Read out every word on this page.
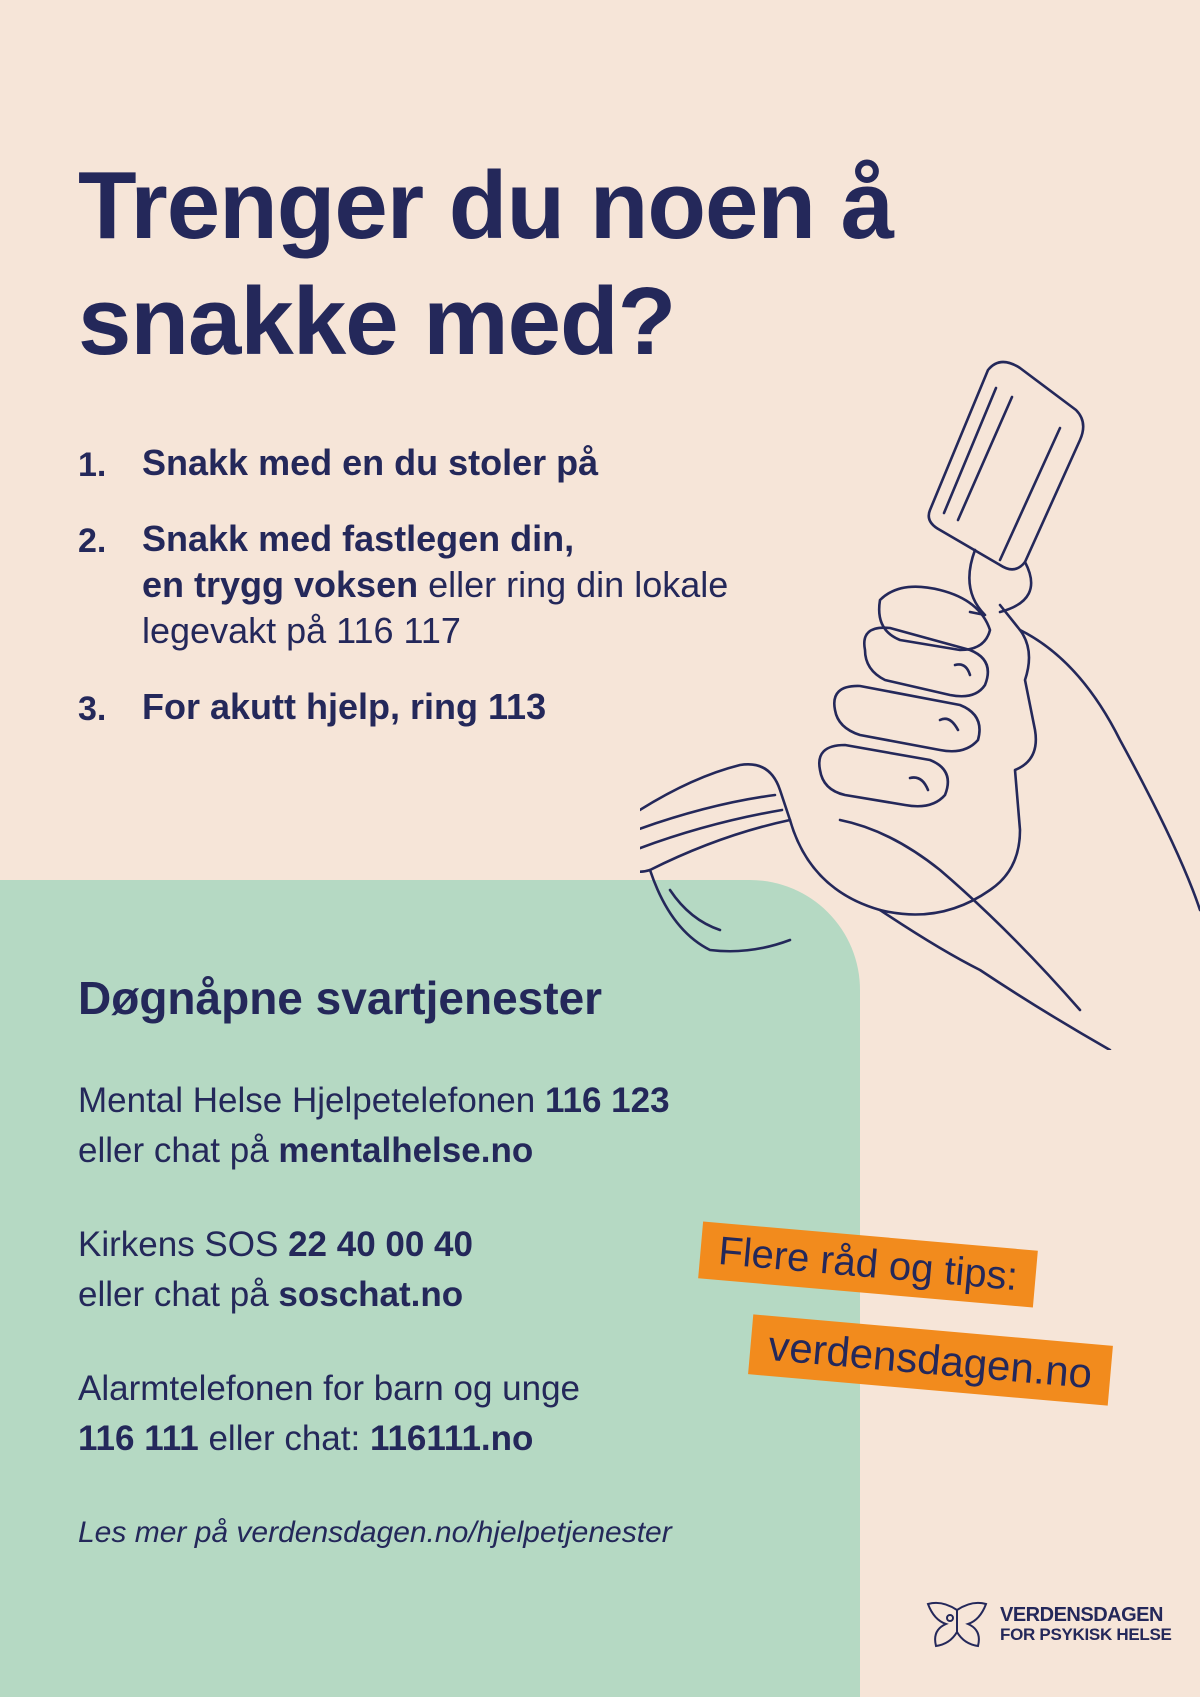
Trenger du noen å snakke med?
1. Snakk med en du stoler på
2. Snakk med fastlegen din,
en trygg voksen eller ring din lokale legevakt på 116 117
3. For akutt hjelp, ring 113
Døgnåpne svartjenester
Mental Helse Hjelpetelefonen 116 123
eller chat på mentalhelse.no
Kirkens SOS 22 40 00 40
eller chat på soschat.no
Alarmtelefonen for barn og unge
116 111 eller chat: 116111.no
Les mer på verdensdagen.no/hjelpetjenester
Flere råd og tips:
verdensdagen.no
VERDENSDAGEN
FOR PSYKISK HELSE
